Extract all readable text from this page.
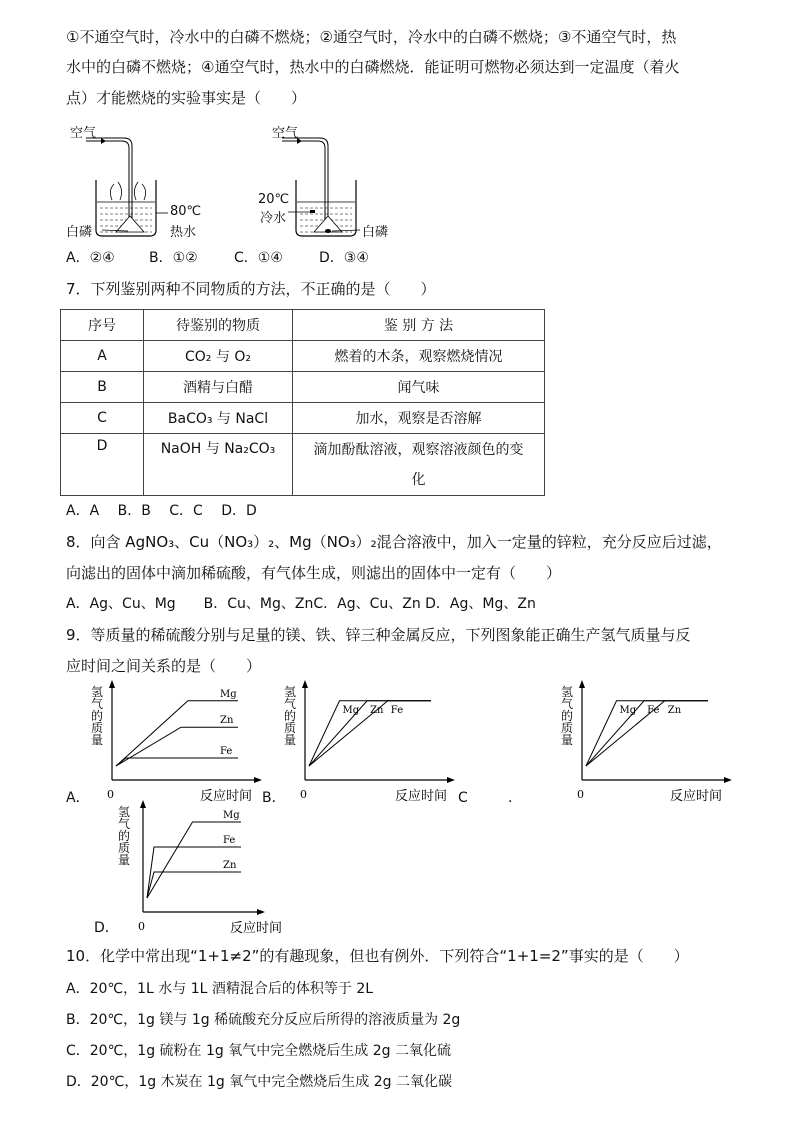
①不通空气时，冷水中的白磷不燃烧；②通空气时，冷水中的白磷不燃烧；③不通空气时，热
水中的白磷不燃烧；④通空气时，热水中的白磷燃烧．能证明可燃物必须达到一定温度（着火
点）才能燃烧的实验事实是（　　）
空气
80℃
热水
白磷
空气
20℃
冷水
白磷
A．②④ B．①②	C．①④	D．③④
7．下列鉴别两种不同物质的方法，不正确的是（　　）
序号	待鉴别的物质	鉴 别 方 法
A	CO₂ 与 O₂	燃着的木条，观察燃烧情况
B	酒精与白醋	闻气味
C	BaCO₃ 与 NaCl	加水，观察是否溶解
D	NaOH 与 Na₂CO₃	滴加酚酞溶液，观察溶液颜色的变
化
A．A　 B．B　 C．C　 D．D
8．向含 AgNO₃、Cu（NO₃）₂、Mg（NO₃）₂混合溶液中，加入一定量的锌粒，充分反应后过滤，
向滤出的固体中滴加稀硫酸，有气体生成，则滤出的固体中一定有（　　）
A．Ag、Cu、Mg　　B．Cu、Mg、ZnC．Ag、Cu、Zn D．Ag、Mg、Zn
9．等质量的稀硫酸分别与足量的镁、铁、锌三种金属反应，下列图象能正确生产氢气质量与反
应时间之间关系的是（　　）
0	反应时间
氢
气
的
质
量
Mg
Zn
Fe
0	反应时间
氢
气
的
质
量
Mg Zn Fe
0	反应时间
氢
气
的
质
量
Mg Fe Zn
0	反应时间
氢
气
的
质
量
Mg
Fe
Zn
A．	B．	C	.
D．
10．化学中常出现“1+1≠2”的有趣现象，但也有例外．下列符合“1+1=2”事实的是（　　）
A．20℃，1L 水与 1L 酒精混合后的体积等于 2L
B．20℃，1g 镁与 1g 稀硫酸充分反应后所得的溶液质量为 2g
C．20℃，1g 硫粉在 1g 氧气中完全燃烧后生成 2g 二氧化硫
D．20℃，1g 木炭在 1g 氧气中完全燃烧后生成 2g 二氧化碳
